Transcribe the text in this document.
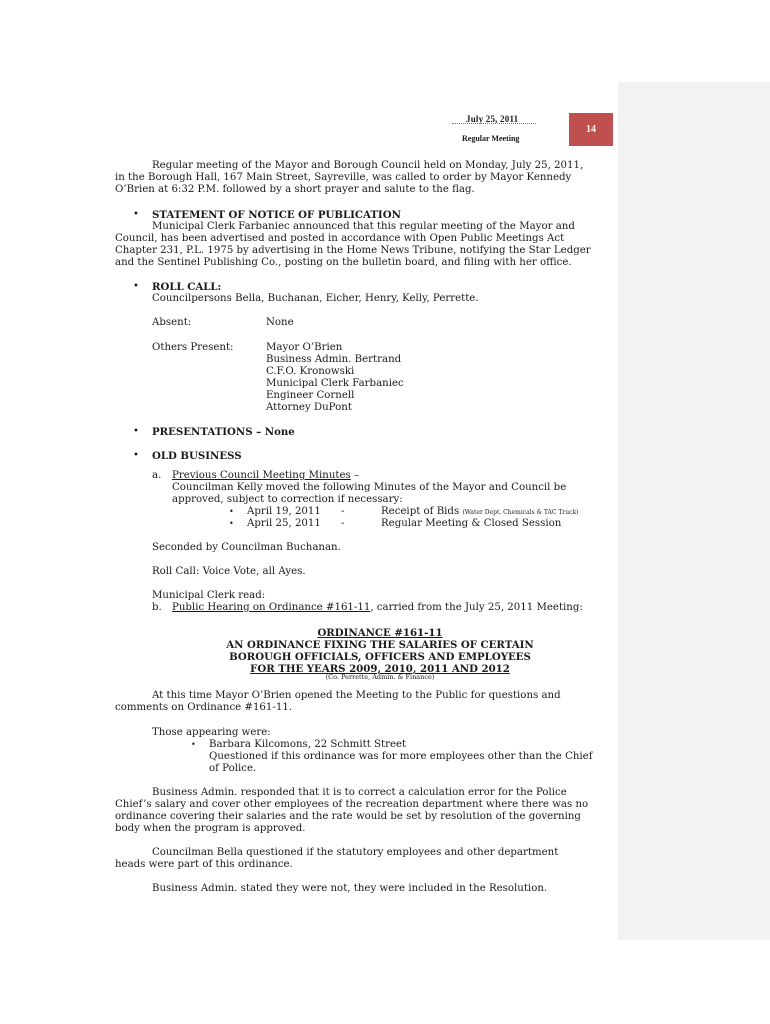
July 25, 2011
Regular Meeting
14
Regular meeting of the Mayor and Borough Council held on Monday, July 25, 2011,
in the Borough Hall, 167 Main Street, Sayreville, was called to order by Mayor Kennedy
O’Brien at 6:32 P.M. followed by a short prayer and salute to the flag.
• STATEMENT OF NOTICE OF PUBLICATION
Municipal Clerk Farbaniec announced that this regular meeting of the Mayor and
Council, has been advertised and posted in accordance with Open Public Meetings Act
Chapter 231, P.L. 1975 by advertising in the Home News Tribune, notifying the Star Ledger
and the Sentinel Publishing Co., posting on the bulletin board, and filing with her office.
• ROLL CALL:
Councilpersons Bella, Buchanan, Eicher, Henry, Kelly, Perrette.
Absent:	None
Others Present:	Mayor O’Brien
Business Admin. Bertrand
C.F.O. Kronowski
Municipal Clerk Farbaniec
Engineer Cornell
Attorney DuPont
• PRESENTATIONS – None
• OLD BUSINESS
a. Previous Council Meeting Minutes –
Councilman Kelly moved the following Minutes of the Mayor and Council be
approved, subject to correction if necessary:
• April 19, 2011 -	Receipt of Bids (Water Dept. Chemicals & TAC Truck)
• April 25, 2011 -	Regular Meeting & Closed Session
Seconded by Councilman Buchanan.
Roll Call: Voice Vote, all Ayes.
Municipal Clerk read:
b. Public Hearing on Ordinance #161-11, carried from the July 25, 2011 Meeting:
ORDINANCE #161-11
AN ORDINANCE FIXING THE SALARIES OF CERTAIN
BOROUGH OFFICIALS, OFFICERS AND EMPLOYEES
FOR THE YEARS 2009, 2010, 2011 AND 2012
(Co. Perrette, Admin. & Finance)
At this time Mayor O’Brien opened the Meeting to the Public for questions and
comments on Ordinance #161-11.
Those appearing were:
• Barbara Kilcomons, 22 Schmitt Street
Questioned if this ordinance was for more employees other than the Chief
of Police.
Business Admin. responded that it is to correct a calculation error for the Police
Chief’s salary and cover other employees of the recreation department where there was no
ordinance covering their salaries and the rate would be set by resolution of the governing
body when the program is approved.
Councilman Bella questioned if the statutory employees and other department
heads were part of this ordinance.
Business Admin. stated they were not, they were included in the Resolution.
